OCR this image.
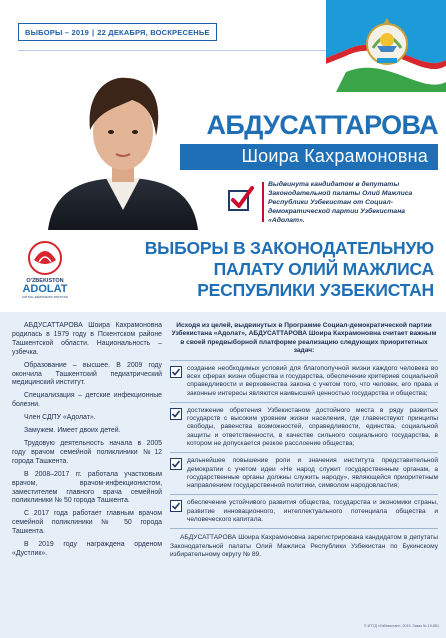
ВЫБОРЫ – 2019 | 22 ДЕКАБРЯ, ВОСКРЕСЕНЬЕ
АБДУСАТТАРОВА
Шоира Кахрамоновна
Выдвинута кандидатом в депутаты Законодательной палаты Олий Мажлиса Республики Узбекистан от Социал-демократической партии Узбекистана «Адолат».
O'ZBEKISTON
ADOLAT
SOTSIAL-DEMOKRATIK PARTIYASI
ВЫБОРЫ В ЗАКОНОДАТЕЛЬНУЮ
ПАЛАТУ ОЛИЙ МАЖЛИСА
РЕСПУБЛИКИ УЗБЕКИСТАН

АБДУСАТТАРОВА Шоира Кахрамоновна родилась в 1979 году в Пскентском районе Ташкентской области. Национальность – узбечка.

Образование – высшее. В 2009 году окончила Ташкентский педиатрический медицинский институт.

Специализация – детские инфекционные болезни.

Член СДПУ «Адолат».

Замужем. Имеет двоих детей.

Трудовую деятельность начала в 2005 году врачом семейной поликлиники №12 города Ташкента.

В 2008–2017 гг. работала участковым врачом, врачом-инфекционистом, заместителем главного врача семейной поликлиники № 50 города Ташкента.

С 2017 года работает главным врачом семейной поликлиники № 50 города Ташкента.

В 2019 году награждена орденом «Дустлик».

Исходя из целей, выдвинутых в Программе Социал-демократической партии Узбекистана «Адолат», АБДУСАТТАРОВА Шоира Кахрамоновна считает важным в своей предвыборной платформе реализацию следующих приоритетных задач:
создание необходимых условий для благополучной жизни каждого человека во всех сферах жизни общества и государства, обеспечение критериев социальной справедливости и верховенства закона с учетом того, что человек, его права и законные интересы являются наивысшей ценностью государства и общества;
достижение обретения Узбекистаном достойного места в ряду развитых государств с высоким уровнем жизни населения, где главенствуют принципы свободы, равенства возможностей, справедливости, единства, социальной защиты и ответственности, в качестве сильного социального государства, в котором не допускается резкое расслоение общества;
дальнейшее повышение роли и значения института представительной демократии с учетом идеи «Не народ служит государственным органам, а государственные органы должны служить народу», являющейся приоритетным направлением государственной политики, символом народовластия;
обеспечение устойчивого развития общества, государства и экономики страны, развитие инновационного, интеллектуального потенциала общества и человеческого капитала.
АБДУСАТТАРОВА Шоира Кахрамоновна зарегистрирована кандидатом в депутаты Законодательной палаты Олий Мажлиса Республики Узбекистан по Букинскому избирательному округу № 89.
© ИТТД «Узбекистан», 2019. Заказ № 19-851.
